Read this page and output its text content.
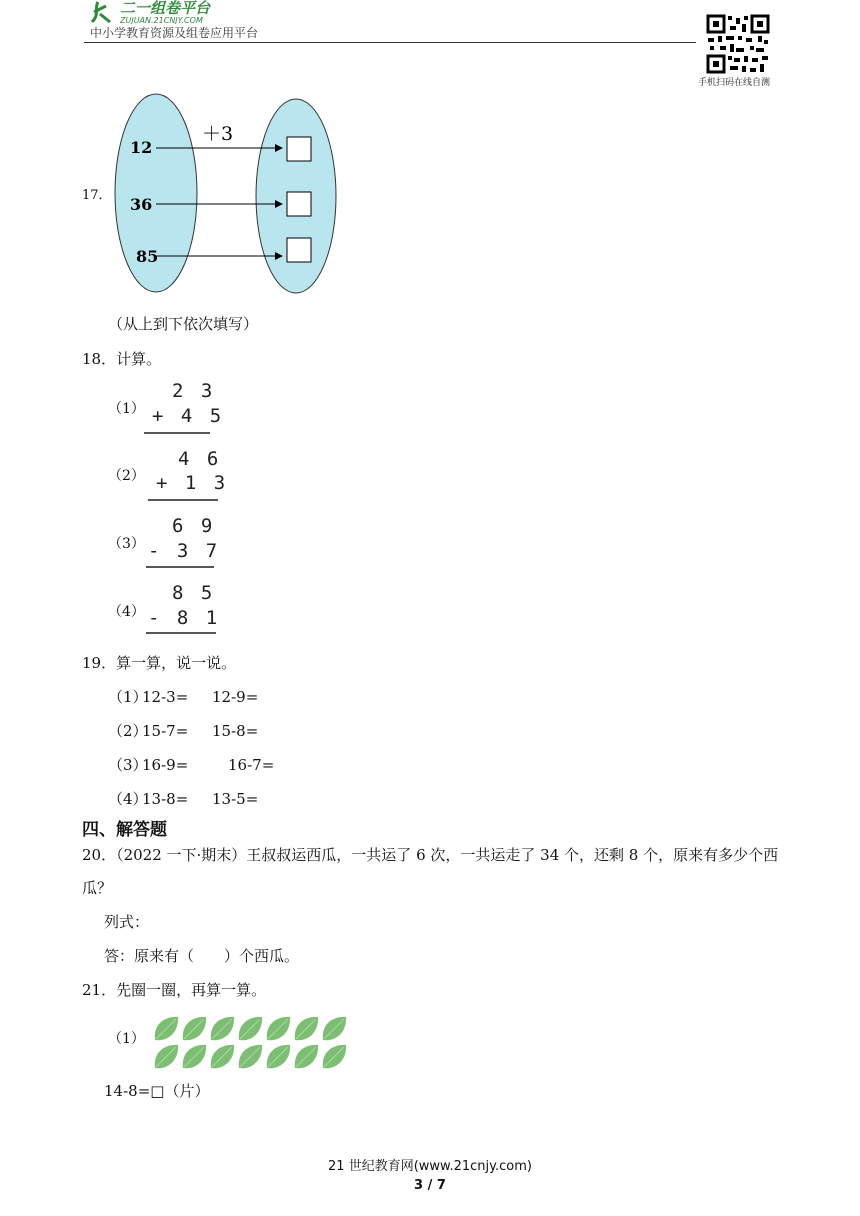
二一组卷平台
ZUJUAN.21CNJY.COM
中小学教育资源及组卷应用平台
手机扫码在线自测
17．
＋3
12
36
85
（从上到下依次填写）
18．计算。
（1）
2 3
+ 4 5
（2）
4 6
+ 1 3
（3）
6 9
- 3 7
（4）
8 5
- 8 1
19．算一算，说一说。
（1）
12-3= 12-9=
（2）
15-7= 15-8=
（3）
16-9=	16-7=
（4）
13-8= 13-5=
四、解答题
20．（2022 一下·期末）王叔叔运西瓜，一共运了 6 次，一共运走了 34 个，还剩 8 个，原来有多少个西
瓜？
列式：
答：原来有（　　）个西瓜。
21．先圈一圈，再算一算。
（1）
14-8=□（片）
21 世纪教育网(www.21cnjy.com)
3 / 7
